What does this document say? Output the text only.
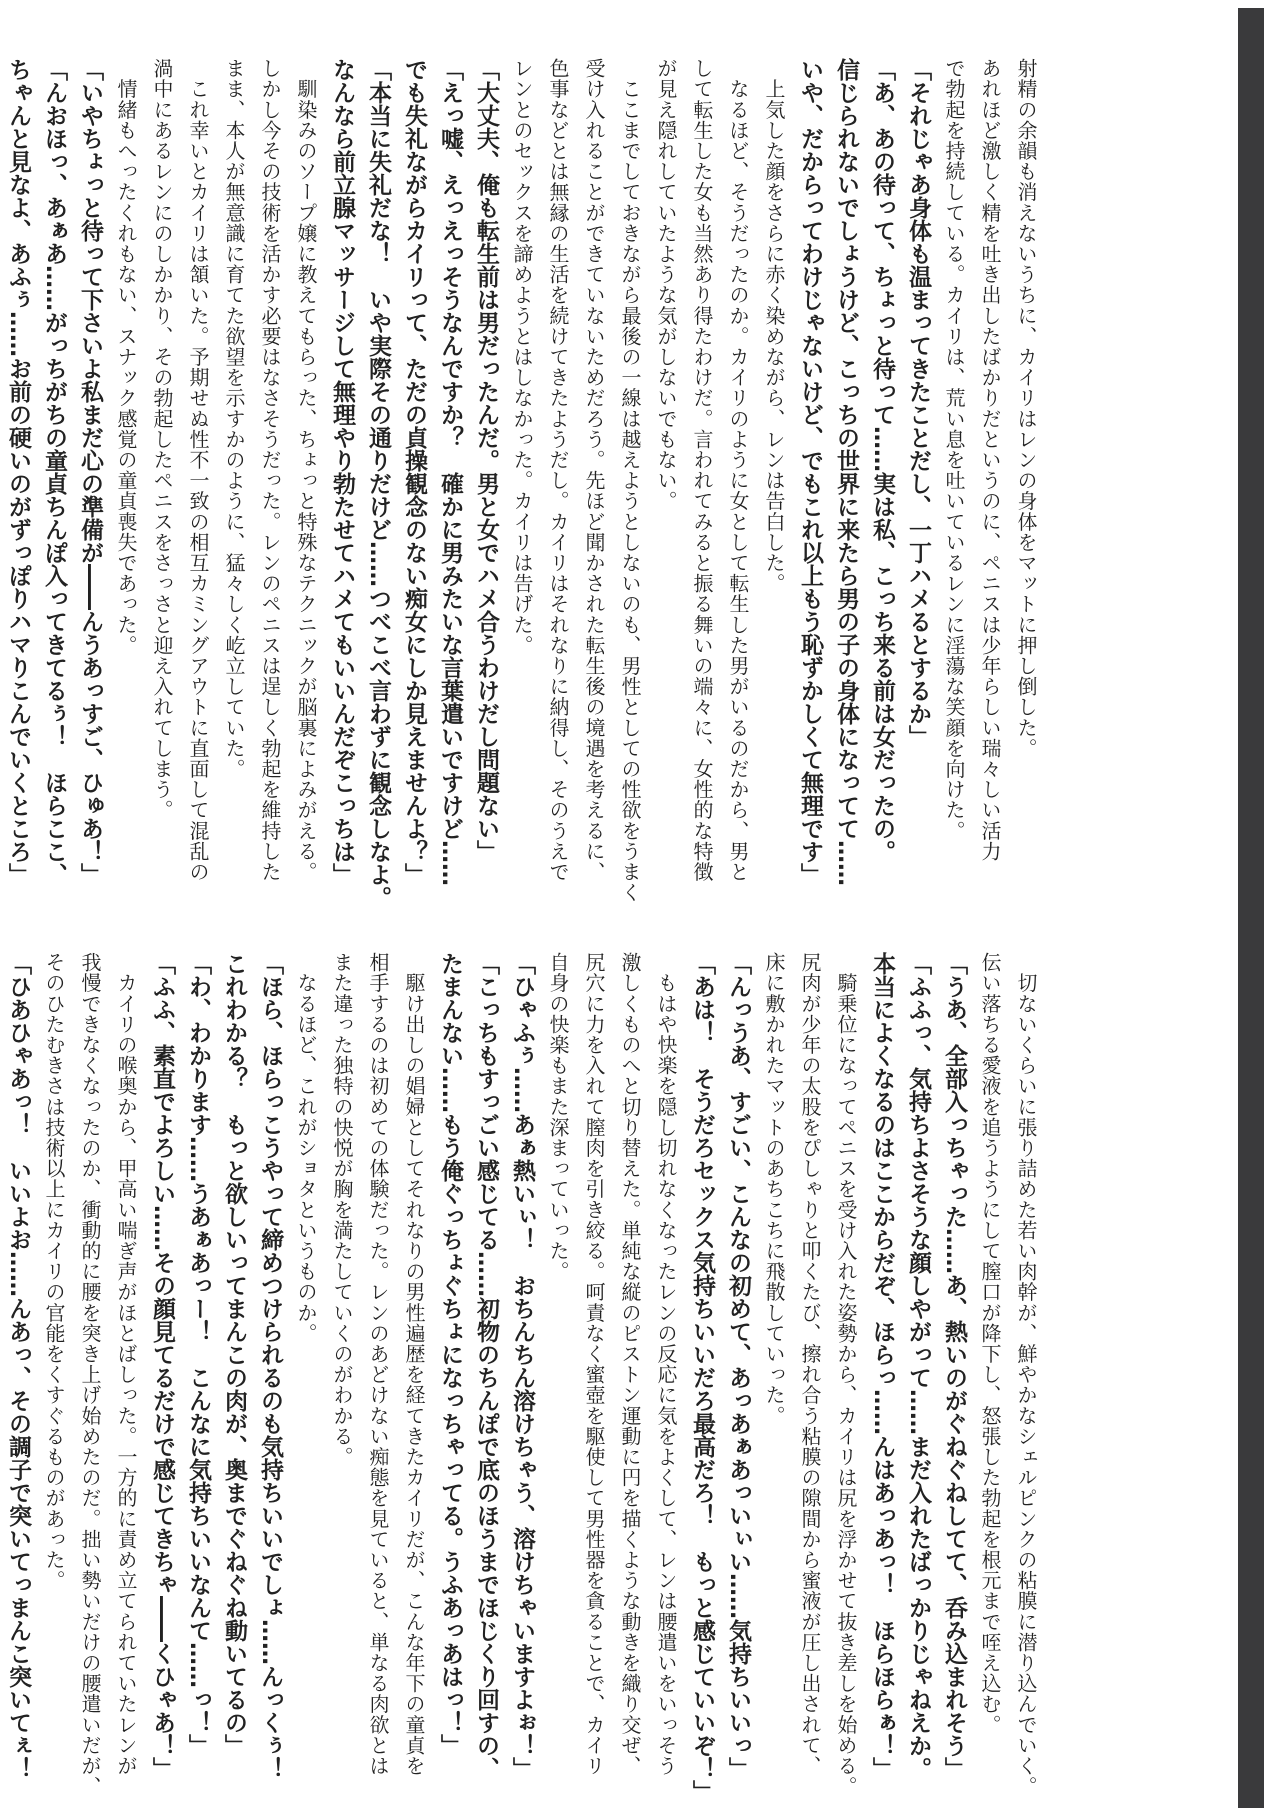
射精の余韻も消えないうちに、カイリはレンの身体をマットに押し倒した。

あれほど激しく精を吐き出したばかりだというのに、ペニスは少年らしい瑞々しい活力

で勃起を持続している。カイリは、荒い息を吐いているレンに淫蕩な笑顔を向けた。

「それじゃあ身体も温まってきたことだし、一丁ハメるとするか」

「あ、あの待って、ちょっと待って……実は私、こっち来る前は女だったの。

信じられないでしょうけど、こっちの世界に来たら男の子の身体になってて……

いや、だからってわけじゃないけど、でもこれ以上もう恥ずかしくて無理です」

　上気した顔をさらに赤く染めながら、レンは告白した。

　なるほど、そうだったのか。カイリのように女として転生した男がいるのだから、男と

して転生した女も当然あり得たわけだ。言われてみると振る舞いの端々に、女性的な特徴

が見え隠れしていたような気がしないでもない。

　ここまでしておきながら最後の一線は越えようとしないのも、男性としての性欲をうまく

受け入れることができていないためだろう。先ほど聞かされた転生後の境遇を考えるに、

色事などとは無縁の生活を続けてきたようだし。カイリはそれなりに納得し、そのうえで

レンとのセックスを諦めようとはしなかった。カイリは告げた。

「大丈夫、俺も転生前は男だったんだ。男と女でハメ合うわけだし問題ない」

「えっ嘘、えっえっそうなんですか？　確かに男みたいな言葉遣いですけど……

でも失礼ながらカイリって、ただの貞操観念のない痴女にしか見えませんよ？」

「本当に失礼だな！　いや実際その通りだけど……つべこべ言わずに観念しなよ。

なんなら前立腺マッサージして無理やり勃たせてハメてもいいんだぞこっちは」

　馴染みのソープ嬢に教えてもらった、ちょっと特殊なテクニックが脳裏によみがえる。

しかし今その技術を活かす必要はなさそうだった。レンのペニスは逞しく勃起を維持した

まま、本人が無意識に育てた欲望を示すかのように、猛々しく屹立していた。

　これ幸いとカイリは頷いた。予期せぬ性不一致の相互カミングアウトに直面して混乱の

渦中にあるレンにのしかかり、その勃起したペニスをさっさと迎え入れてしまう。

　情緒もへったくれもない、スナック感覚の童貞喪失であった。

「いやちょっと待って下さいよ私まだ心の準備が――んうあっすご、ひゅあ！」

「んおほっ、あぁあ……がっちがちの童貞ちんぽ入ってきてるぅ！　ほらここ、

ちゃんと見なよ、あふぅ……お前の硬いのがずっぽりハマりこんでいくところ」

　切ないくらいに張り詰めた若い肉幹が、鮮やかなシェルピンクの粘膜に潜り込んでいく。

伝い落ちる愛液を追うようにして膣口が降下し、怒張した勃起を根元まで咥え込む。

「うあ、全部入っちゃった……あ、熱いのがぐねぐねしてて、呑み込まれそう」

「ふふっ、気持ちよさそうな顔しやがって……まだ入れたばっかりじゃねえか。

本当によくなるのはここからだぞ、ほらっ……んはあっあっ！　ほらほらぁ！」

　騎乗位になってペニスを受け入れた姿勢から、カイリは尻を浮かせて抜き差しを始める。

尻肉が少年の太股をぴしゃりと叩くたび、擦れ合う粘膜の隙間から蜜液が圧し出されて、

床に敷かれたマットのあちこちに飛散していった。

「んっうあ、すごい、こんなの初めて、あっあぁあっいぃい……気持ちいいっ」

「あは！　そうだろセックス気持ちいいだろ最高だろ！　もっと感じていいぞ！」

　もはや快楽を隠し切れなくなったレンの反応に気をよくして、レンは腰遣いをいっそう

激しくものへと切り替えた。単純な縦のピストン運動に円を描くような動きを織り交ぜ、

尻穴に力を入れて膣肉を引き絞る。呵責なく蜜壺を駆使して男性器を貪ることで、カイリ

自身の快楽もまた深まっていった。

「ひゃふぅ……あぁ熱いぃ！　おちんちん溶けちゃう、溶けちゃいますよぉ！」

「こっちもすっごい感じてる……初物のちんぽで底のほうまでほじくり回すの、

たまんない……もう俺ぐっちょぐちょになっちゃってる。うふあっあはっ！」

　駆け出しの娼婦としてそれなりの男性遍歴を経てきたカイリだが、こんな年下の童貞を

相手するのは初めての体験だった。レンのあどけない痴態を見ていると、単なる肉欲とは

また違った独特の快悦が胸を満たしていくのがわかる。

　なるほど、これがショタというものか。

「ほら、ほらっこうやって締めつけられるのも気持ちいいでしょ……んっくぅ！

これわかる？　もっと欲しいってまんこの肉が、奥までぐねぐね動いてるの」

「わ、わかります……うあぁあっー！　こんなに気持ちいいなんて……っ！」

「ふふ、素直でよろしい……その顔見てるだけで感じてきちゃ――くひゃあ！」

　カイリの喉奥から、甲高い喘ぎ声がほとばしった。一方的に責め立てられていたレンが

我慢できなくなったのか、衝動的に腰を突き上げ始めたのだ。拙い勢いだけの腰遣いだが、

そのひたむきさは技術以上にカイリの官能をくすぐるものがあった。

「ひあひゃあっ！　いいよお……んあっ、その調子で突いてっまんこ突いてぇ！
